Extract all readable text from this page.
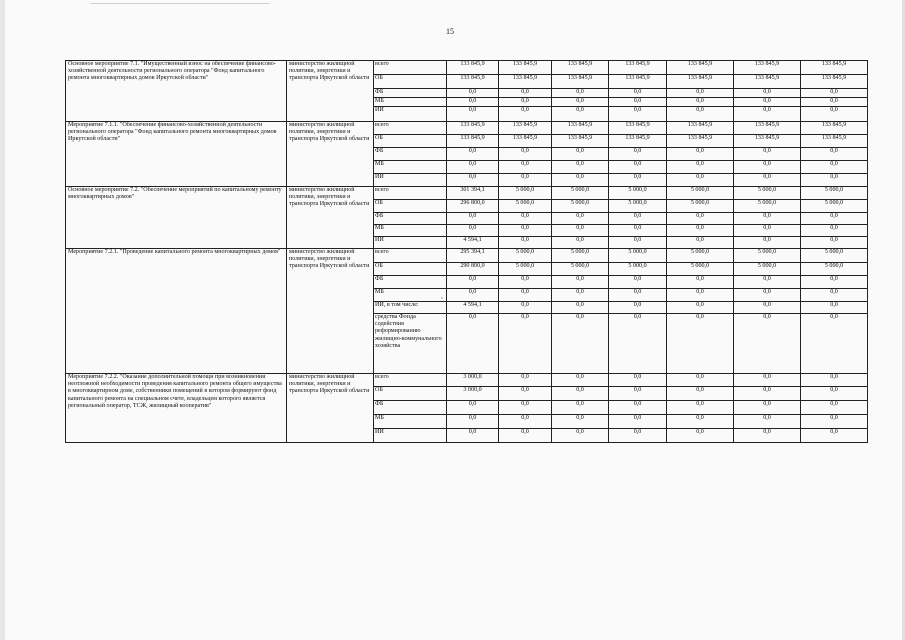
15
Основное мероприятие 7.1. "Имущественный взнос на обеспечение финансово-хозяйственной деятельности регионального оператора "Фонд капитального ремонта многоквартирных домов Иркутской области"	министерство жилищной политики, энергетики и транспорта Иркутской области	всего	133 845,9	133 845,9	133 845,9	133 845,9	133 845,9	133 845,9	133 845,9
		ОБ	133 845,9	133 845,9	133 845,9	133 845,9	133 845,9	133 845,9	133 845,9
		ФБ	0,0	0,0	0,0	0,0	0,0	0,0	0,0
		МБ	0,0	0,0	0,0	0,0	0,0	0,0	0,0
		ИИ	0,0	0,0	0,0	0,0	0,0	0,0	0,0
Мероприятие 7.1.1. "Обеспечение финансово-хозяйственной деятельности регионального оператора "Фонд капитального ремонта многоквартирных домов Иркутской области"	министерство жилищной политики, энергетики и транспорта Иркутской области	всего	133 845,9	133 845,9	133 845,9	133 845,9	133 845,9	133 845,9	133 845,9
		ОБ	133 845,9	133 845,9	133 845,9	133 845,9	133 845,9	133 845,9	133 845,9
		ФБ	0,0	0,0	0,0	0,0	0,0	0,0	0,0
		МБ	0,0	0,0	0,0	0,0	0,0	0,0	0,0
		ИИ	0,0	0,0	0,0	0,0	0,0	0,0	0,0
Основное мероприятие 7.2. "Обеспечение мероприятий по капитальному ремонту многоквартирных домов"	министерство жилищной политики, энергетики и транспорта Иркутской области	всего	301 394,1	5 000,0	5 000,0	5 000,0	5 000,0	5 000,0	5 000,0
		ОБ	296 800,0	5 000,0	5 000,0	5 000,0	5 000,0	5 000,0	5 000,0
		ФБ	0,0	0,0	0,0	0,0	0,0	0,0	0,0
		МБ	0,0	0,0	0,0	0,0	0,0	0,0	0,0
		ИИ	4 594,1	0,0	0,0	0,0	0,0	0,0	0,0
Мероприятие 7.2.1. "Проведение капитального ремонта многоквартирных домов"	министерство жилищной политики, энергетики и транспорта Иркутской области	всего	295 394,1	5 000,0	5 000,0	5 000,0	5 000,0	5 000,0	5 000,0
		ОБ	290 800,0	5 000,0	5 000,0	5 000,0	5 000,0	5 000,0	5 000,0
		ФБ	0,0	0,0	0,0	0,0	0,0	0,0	0,0
		МБ	0,0	0,0	0,0	0,0	0,0	0,0	0,0
		ИИ, в том числе:	4 594,1	0,0	0,0	0,0	0,0	0,0	0,0
		средства Фонда содействия реформированию жилищно-коммунального хозяйства	0,0	0,0	0,0	0,0	0,0	0,0	0,0
Мероприятие 7.2.2. "Оказание дополнительной помощи при возникновении неотложной необходимости проведения капитального ремонта общего имущества в многоквартирном доме, собственники помещений в котором формируют фонд капитального ремонта на специальном счете, владельцем которого является региональный оператор, ТСЖ, жилищный кооператив"	министерство жилищной политики, энергетики и транспорта Иркутской области	всего	3 000,0	0,0	0,0	0,0	0,0	0,0	0,0
		ОБ	3 000,0	0,0	0,0	0,0	0,0	0,0	0,0
		ФБ	0,0	0,0	0,0	0,0	0,0	0,0	0,0
		МБ	0,0	0,0	0,0	0,0	0,0	0,0	0,0
		ИИ	0,0	0,0	0,0	0,0	0,0	0,0	0,0
